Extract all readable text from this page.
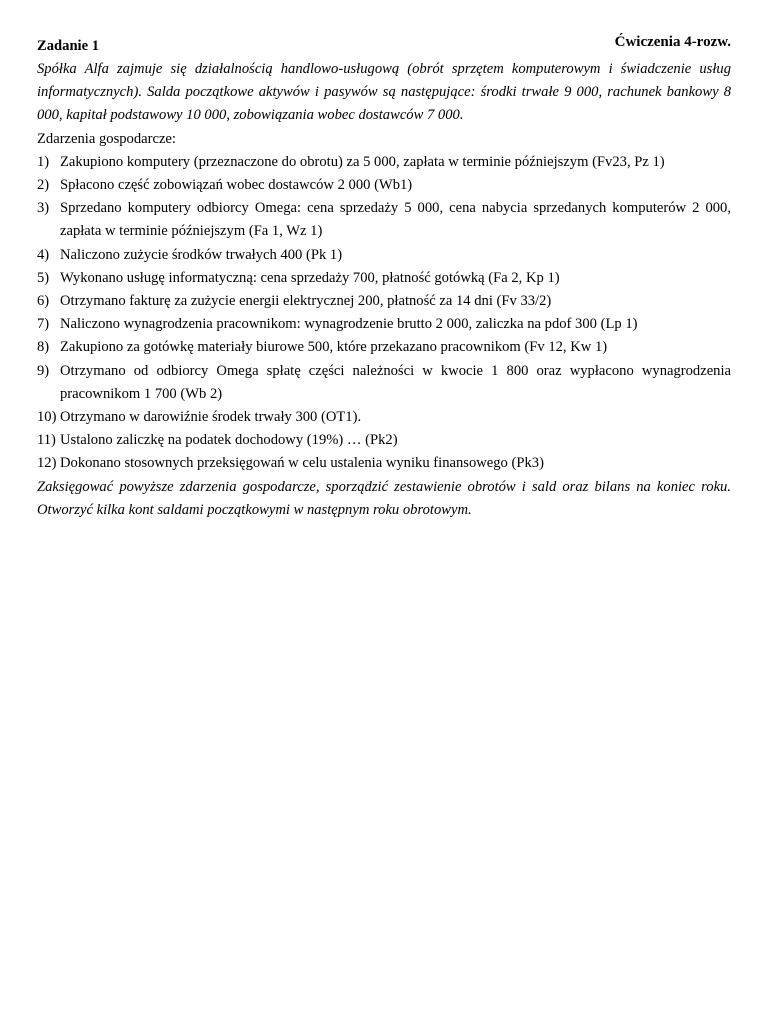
Ćwiczenia 4-rozw.
Zadanie 1

Spółka Alfa zajmuje się działalnością handlowo-usługową (obrót sprzętem komputerowym i świadczenie usług informatycznych). Salda początkowe aktywów i pasywów są następujące: środki trwałe 9 000, rachunek bankowy 8 000, kapitał podstawowy 10 000, zobowiązania wobec dostawców 7 000.

Zdarzenia gospodarcze:

1) Zakupiono komputery (przeznaczone do obrotu) za 5 000, zapłata w terminie późniejszym (Fv23, Pz 1)
2) Spłacono część zobowiązań wobec dostawców 2 000 (Wb1)
3) Sprzedano komputery odbiorcy Omega: cena sprzedaży 5 000, cena nabycia sprzedanych komputerów 2 000, zapłata w terminie późniejszym (Fa 1, Wz 1)
4) Naliczono zużycie środków trwałych 400 (Pk 1)
5) Wykonano usługę informatyczną: cena sprzedaży 700, płatność gotówką (Fa 2, Kp 1)
6) Otrzymano fakturę za zużycie energii elektrycznej 200, płatność za 14 dni (Fv 33/2)
7) Naliczono wynagrodzenia pracownikom: wynagrodzenie brutto 2 000, zaliczka na pdof 300 (Lp 1)
8) Zakupiono za gotówkę materiały biurowe 500, które przekazano pracownikom (Fv 12, Kw 1)
9) Otrzymano od odbiorcy Omega spłatę części należności w kwocie 1 800 oraz wypłacono wynagrodzenia pracownikom 1 700 (Wb 2)
10) Otrzymano w darowiźnie środek trwały 300 (OT1).
11) Ustalono zaliczkę na podatek dochodowy (19%) … (Pk2)
12) Dokonano stosownych przeksięgowań w celu ustalenia wyniku finansowego (Pk3)

Zaksięgować powyższe zdarzenia gospodarcze, sporządzić zestawienie obrotów i sald oraz bilans na koniec roku. Otworzyć kilka kont saldami początkowymi w następnym roku obrotowym.
